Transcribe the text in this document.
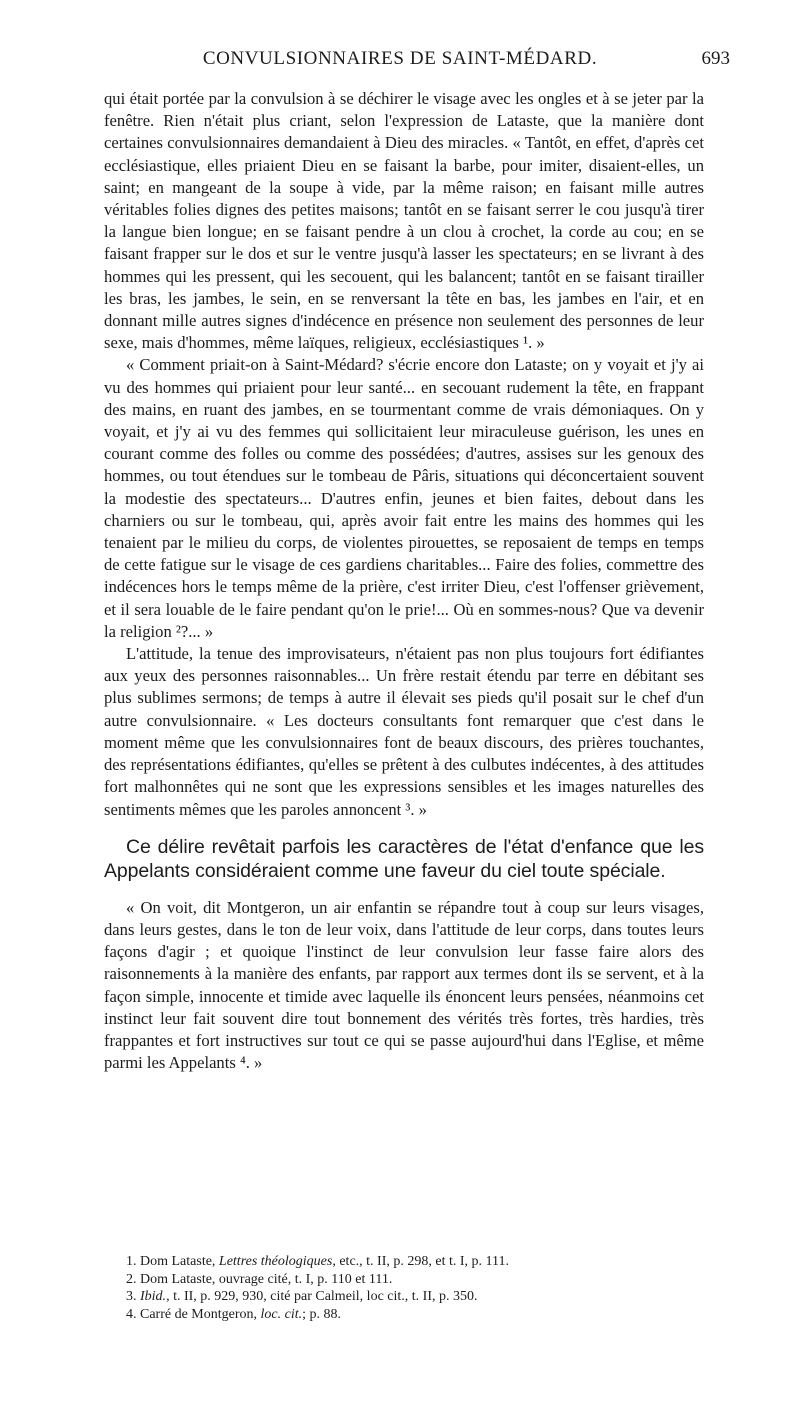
CONVULSIONNAIRES DE SAINT-MÉDARD.	693

qui était portée par la convulsion à se déchirer le visage avec les ongles et à se jeter par la fenêtre. Rien n'était plus criant, selon l'expression de Lataste, que la manière dont certaines convulsionnaires demandaient à Dieu des miracles. « Tantôt, en effet, d'après cet ecclésiastique, elles priaient Dieu en se faisant la barbe, pour imiter, disaient-elles, un saint; en mangeant de la soupe à vide, par la même raison; en faisant mille autres véritables folies dignes des petites maisons; tantôt en se faisant serrer le cou jusqu'à tirer la langue bien longue; en se faisant pendre à un clou à crochet, la corde au cou; en se faisant frapper sur le dos et sur le ventre jusqu'à lasser les spectateurs; en se livrant à des hommes qui les pressent, qui les secouent, qui les balancent; tantôt en se faisant tirailler les bras, les jambes, le sein, en se renversant la tête en bas, les jambes en l'air, et en donnant mille autres signes d'indécence en présence non seulement des personnes de leur sexe, mais d'hommes, même laïques, religieux, ecclésiastiques ¹. »

« Comment priait-on à Saint-Médard? s'écrie encore don Lataste; on y voyait et j'y ai vu des hommes qui priaient pour leur santé... en secouant rudement la tête, en frappant des mains, en ruant des jambes, en se tourmentant comme de vrais démoniaques. On y voyait, et j'y ai vu des femmes qui sollicitaient leur miraculeuse guérison, les unes en courant comme des folles ou comme des possédées; d'autres, assises sur les genoux des hommes, ou tout étendues sur le tombeau de Pâris, situations qui déconcertaient souvent la modestie des spectateurs... D'autres enfin, jeunes et bien faites, debout dans les charniers ou sur le tombeau, qui, après avoir fait entre les mains des hommes qui les tenaient par le milieu du corps, de violentes pirouettes, se reposaient de temps en temps de cette fatigue sur le visage de ces gardiens charitables... Faire des folies, commettre des indécences hors le temps même de la prière, c'est irriter Dieu, c'est l'offenser grièvement, et il sera louable de le faire pendant qu'on le prie!... Où en sommes-nous? Que va devenir la religion ²?... »

L'attitude, la tenue des improvisateurs, n'étaient pas non plus toujours fort édifiantes aux yeux des personnes raisonnables... Un frère restait étendu par terre en débitant ses plus sublimes sermons; de temps à autre il élevait ses pieds qu'il posait sur le chef d'un autre convulsionnaire. « Les docteurs consultants font remarquer que c'est dans le moment même que les convulsionnaires font de beaux discours, des prières touchantes, des représentations édifiantes, qu'elles se prêtent à des culbutes indécentes, à des attitudes fort malhonnêtes qui ne sont que les expressions sensibles et les images naturelles des sentiments mêmes que les paroles annoncent ³. »

Ce délire revêtait parfois les caractères de l'état d'enfance que les Appelants considéraient comme une faveur du ciel toute spéciale.

« On voit, dit Montgeron, un air enfantin se répandre tout à coup sur leurs visages, dans leurs gestes, dans le ton de leur voix, dans l'attitude de leur corps, dans toutes leurs façons d'agir ; et quoique l'instinct de leur convulsion leur fasse faire alors des raisonnements à la manière des enfants, par rapport aux termes dont ils se servent, et à la façon simple, innocente et timide avec laquelle ils énoncent leurs pensées, néanmoins cet instinct leur fait souvent dire tout bonnement des vérités très fortes, très hardies, très frappantes et fort instructives sur tout ce qui se passe aujourd'hui dans l'Eglise, et même parmi les Appelants ⁴. »

1. Dom Lataste, Lettres théologiques, etc., t. II, p. 298, et t. I, p. 111.

2. Dom Lataste, ouvrage cité, t. I, p. 110 et 111.

3. Ibid., t. II, p. 929, 930, cité par Calmeil, loc cit., t. II, p. 350.

4. Carré de Montgeron, loc. cit.; p. 88.
